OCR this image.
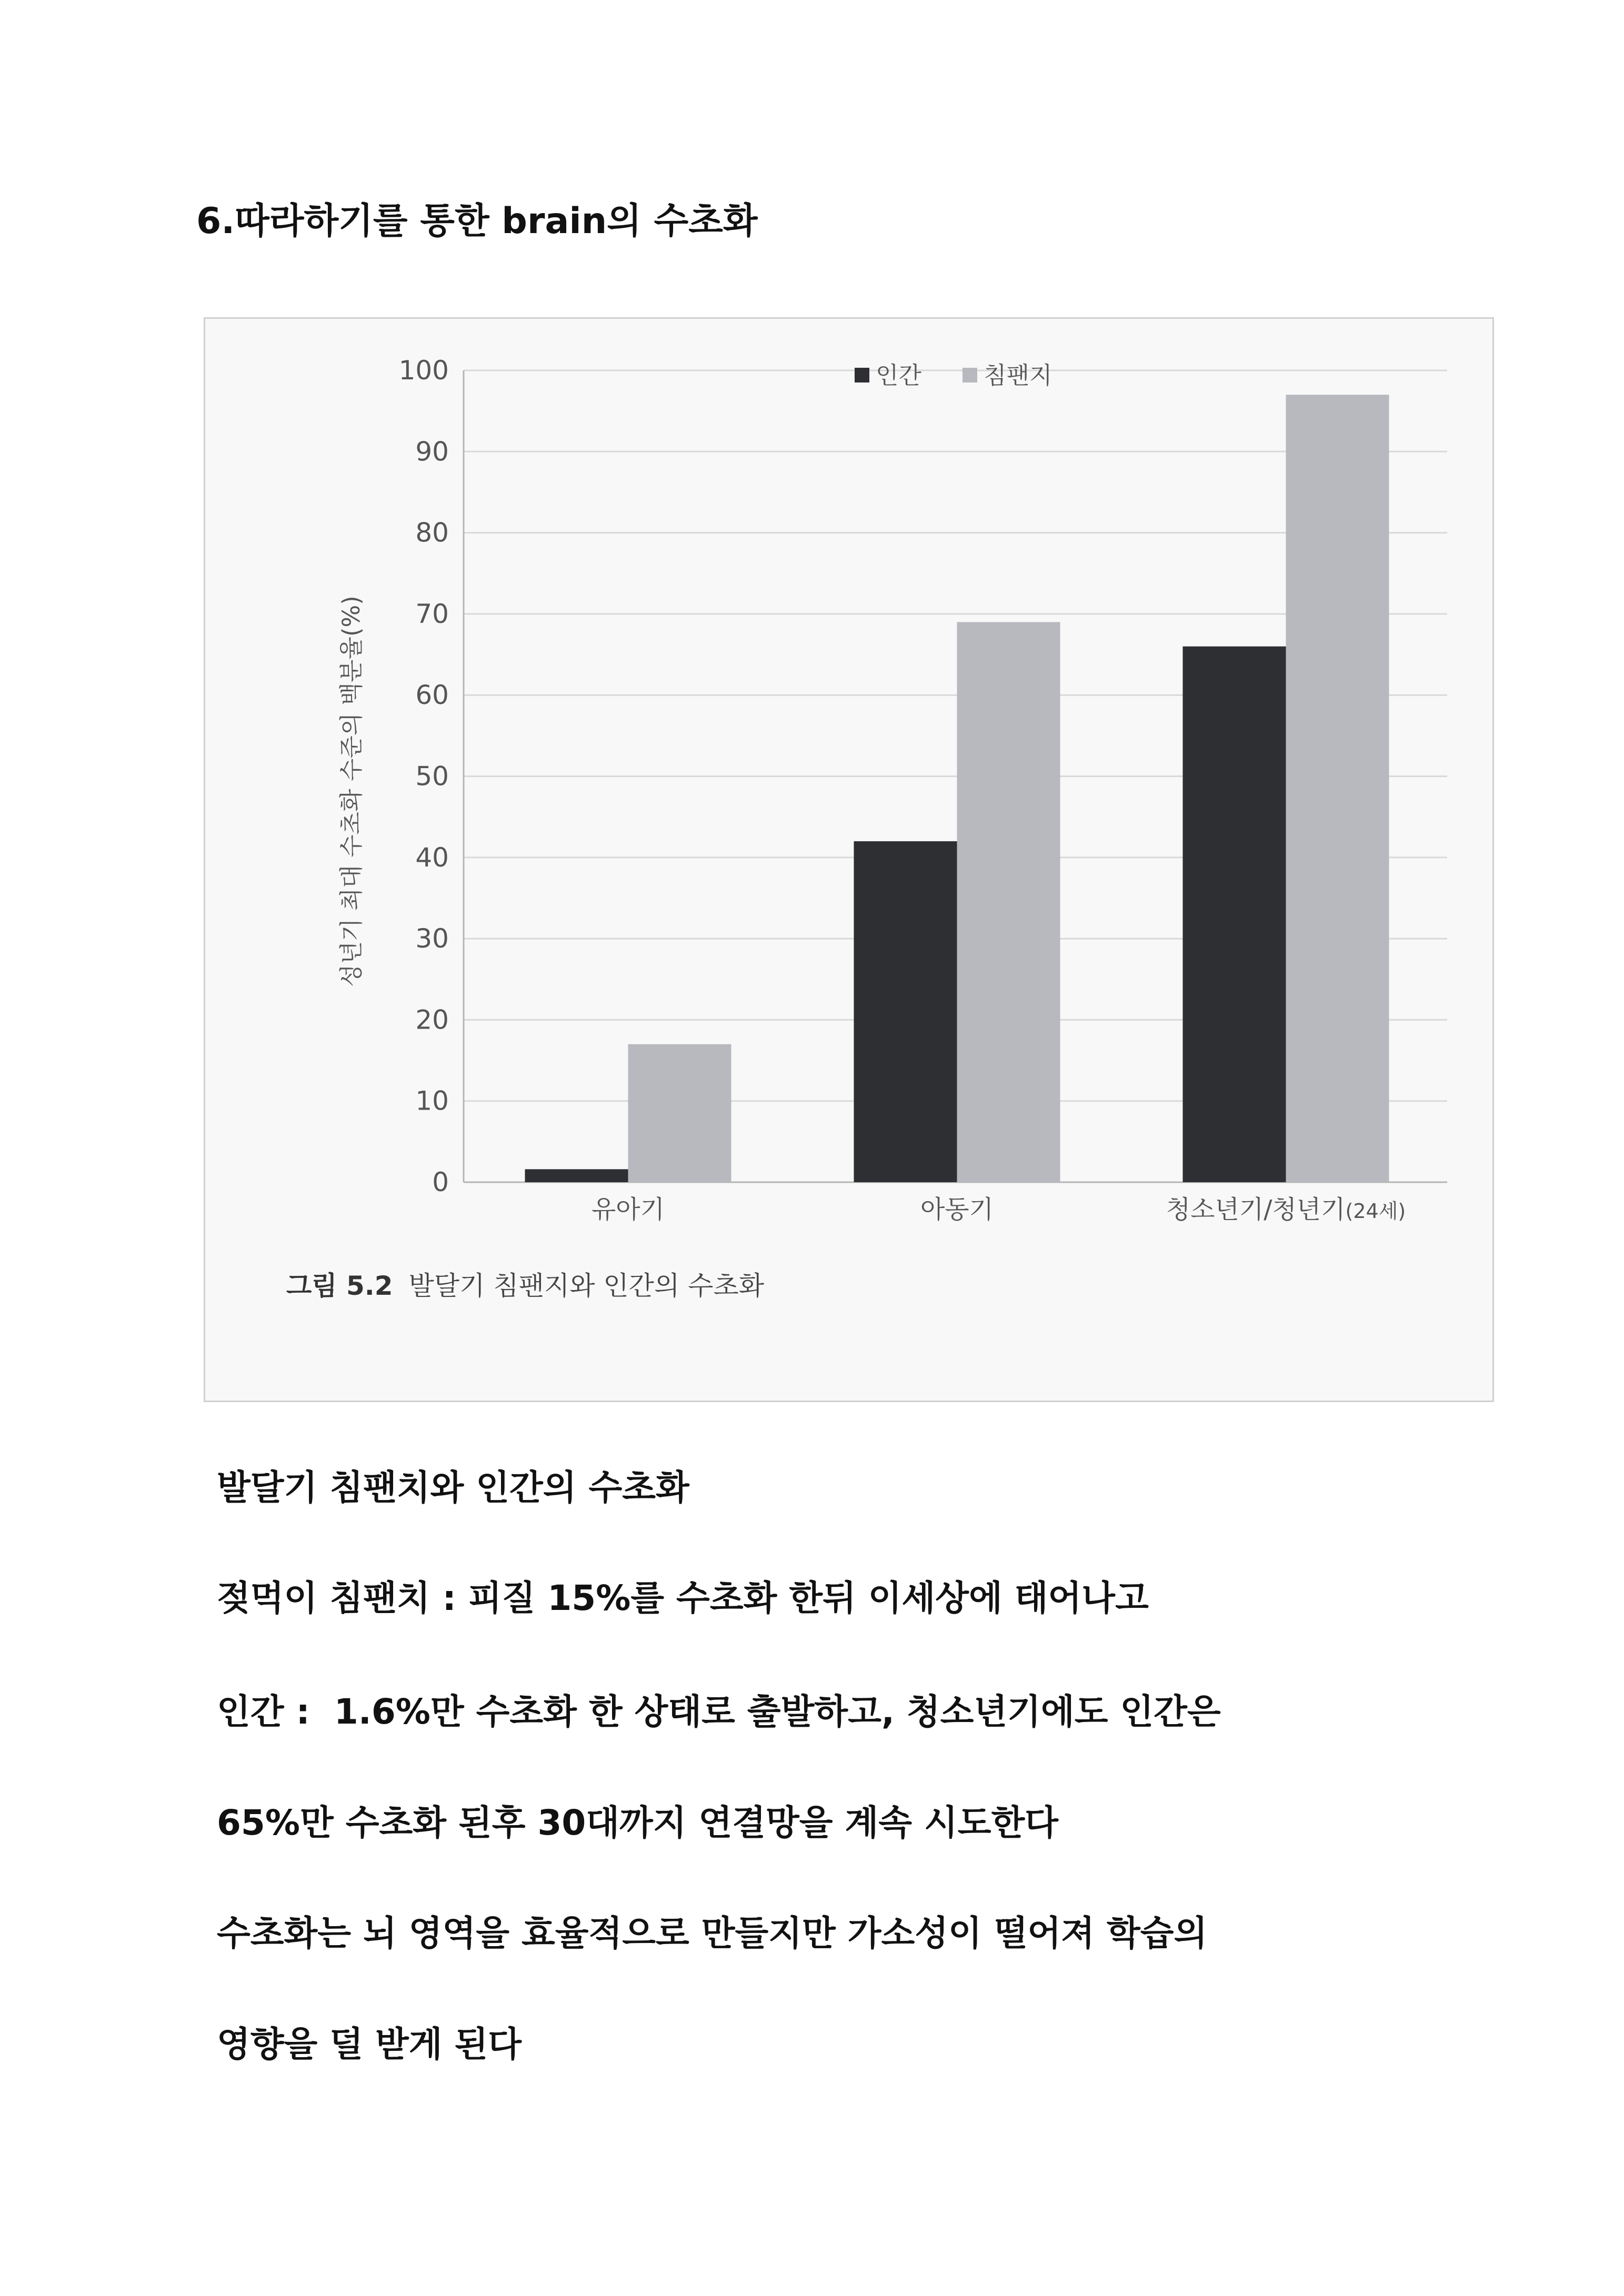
6.따라하기를 통한 brain의 수초화
0
10
20
30
40
50
60
70
80
90
100
유아기	아동기	청소년기/청년기(24세)
성년기 최대 수초화 수준의 백분율(%)
인간	침팬지
그림 5.2 발달기 침팬지와 인간의 수초화

발달기 침팬치와 인간의 수초화

젖먹이 침팬치 : 피질 15%를 수초화 한뒤 이세상에 태어나고

인간 :  1.6%만 수초화 한 상태로 출발하고, 청소년기에도 인간은

65%만 수초화 된후 30대까지 연결망을 계속 시도한다

수초화는 뇌 영역을 효율적으로 만들지만 가소성이 떨어져 학습의

영향을 덜 받게 된다
